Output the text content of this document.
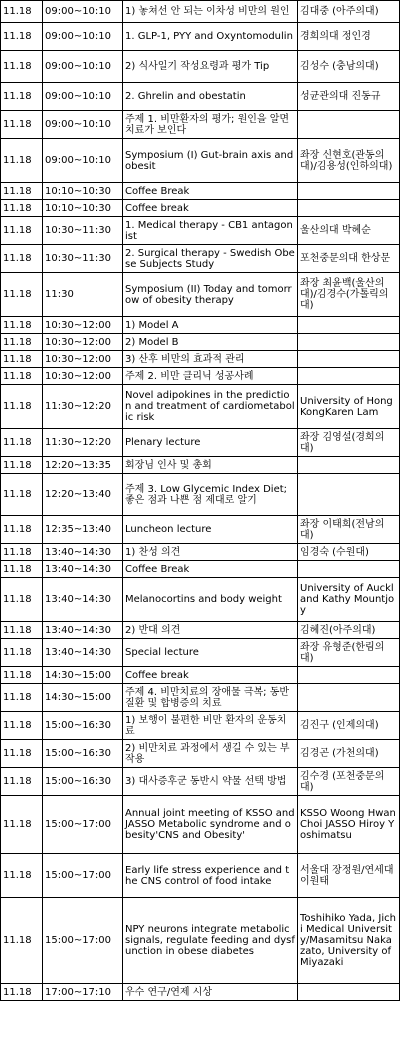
11.18	09:00~10:10	1) 놓쳐선 안 되는 이차성 비만의 원인	김대중 (아주의대)
11.18	09:00~10:10	1. GLP-1, PYY and Oxyntomodulin	경희의대 정인경
11.18	09:00~10:10	2) 식사일기 작성요령과 평가 Tip	김성수 (충남의대)
11.18	09:00~10:10	2. Ghrelin and obestatin	성균관의대 진동규
11.18	09:00~10:10	주제 1. 비만환자의 평가; 원인을 알면 치료가 보인다	
11.18	09:00~10:10	Symposium (I) Gut-brain axis and obesit	좌장 신현호(관동의대)/김용성(인하의대)
11.18	10:10~10:30	Coffee Break	
11.18	10:10~10:30	Coffee break	
11.18	10:30~11:30	1. Medical therapy - CB1 antagonist	울산의대 박혜순
11.18	10:30~11:30	2. Surgical therapy - Swedish Obese Subjects Study	포천중문의대 한상문
11.18	11:30	Symposium (II) Today and tomorrow of obesity therapy	좌장 최윤백(울산의대)/김경수(가톨릭의대)
11.18	10:30~12:00	1) Model A	
11.18	10:30~12:00	2) Model B	
11.18	10:30~12:00	3) 산후 비만의 효과적 관리	
11.18	10:30~12:00	주제 2. 비만 클리닉 성공사례	
11.18	11:30~12:20	Novel adipokines in the prediction and treatment of cardiometabolic risk	University of HongKongKaren Lam
11.18	11:30~12:20	Plenary lecture	좌장 김영설(경희의대)
11.18	12:20~13:35	회장님 인사 및 총회	
11.18	12:20~13:40	주제 3. Low Glycemic Index Diet; 좋은 점과 나쁜 점 제대로 알기	
11.18	12:35~13:40	Luncheon lecture	좌장 이태희(전남의대)
11.18	13:40~14:30	1) 찬성 의견	임경숙 (수원대)
11.18	13:40~14:30	Coffee Break	
11.18	13:40~14:30	Melanocortins and body weight	University of Auckland Kathy Mountjoy
11.18	13:40~14:30	2) 반대 의견	김혜진(아주의대)
11.18	13:40~14:30	Special lecture	좌장 유형준(한림의대)
11.18	14:30~15:00	Coffee break	
11.18	14:30~15:00	주제 4. 비만치료의 장애물 극복; 동반 질환 및 합병증의 치료	
11.18	15:00~16:30	1) 보행이 불편한 비만 환자의 운동치료	김진구 (인제의대)
11.18	15:00~16:30	2) 비만치료 과정에서 생길 수 있는 부작용	김경곤 (가천의대)
11.18	15:00~16:30	3) 대사증후군 동반시 약물 선택 방법	김수경 (포천중문의대)
11.18	15:00~17:00	Annual joint meeting of KSSO and JASSO Metabolic syndrome and obesity'CNS and Obesity'	KSSO Woong Hwan Choi JASSO Hiroy Yoshimatsu
11.18	15:00~17:00	Early life stress experience and the CNS control of food intake	서울대 장정원/연세대 이원태
11.18	15:00~17:00	NPY neurons integrate metabolic signals, regulate feeding and dysfunction in obese diabetes	Toshihiko Yada, Jichi Medical University/Masamitsu Nakazato, University of Miyazaki
11.18	17:00~17:10	우수 연구/연제 시상	
